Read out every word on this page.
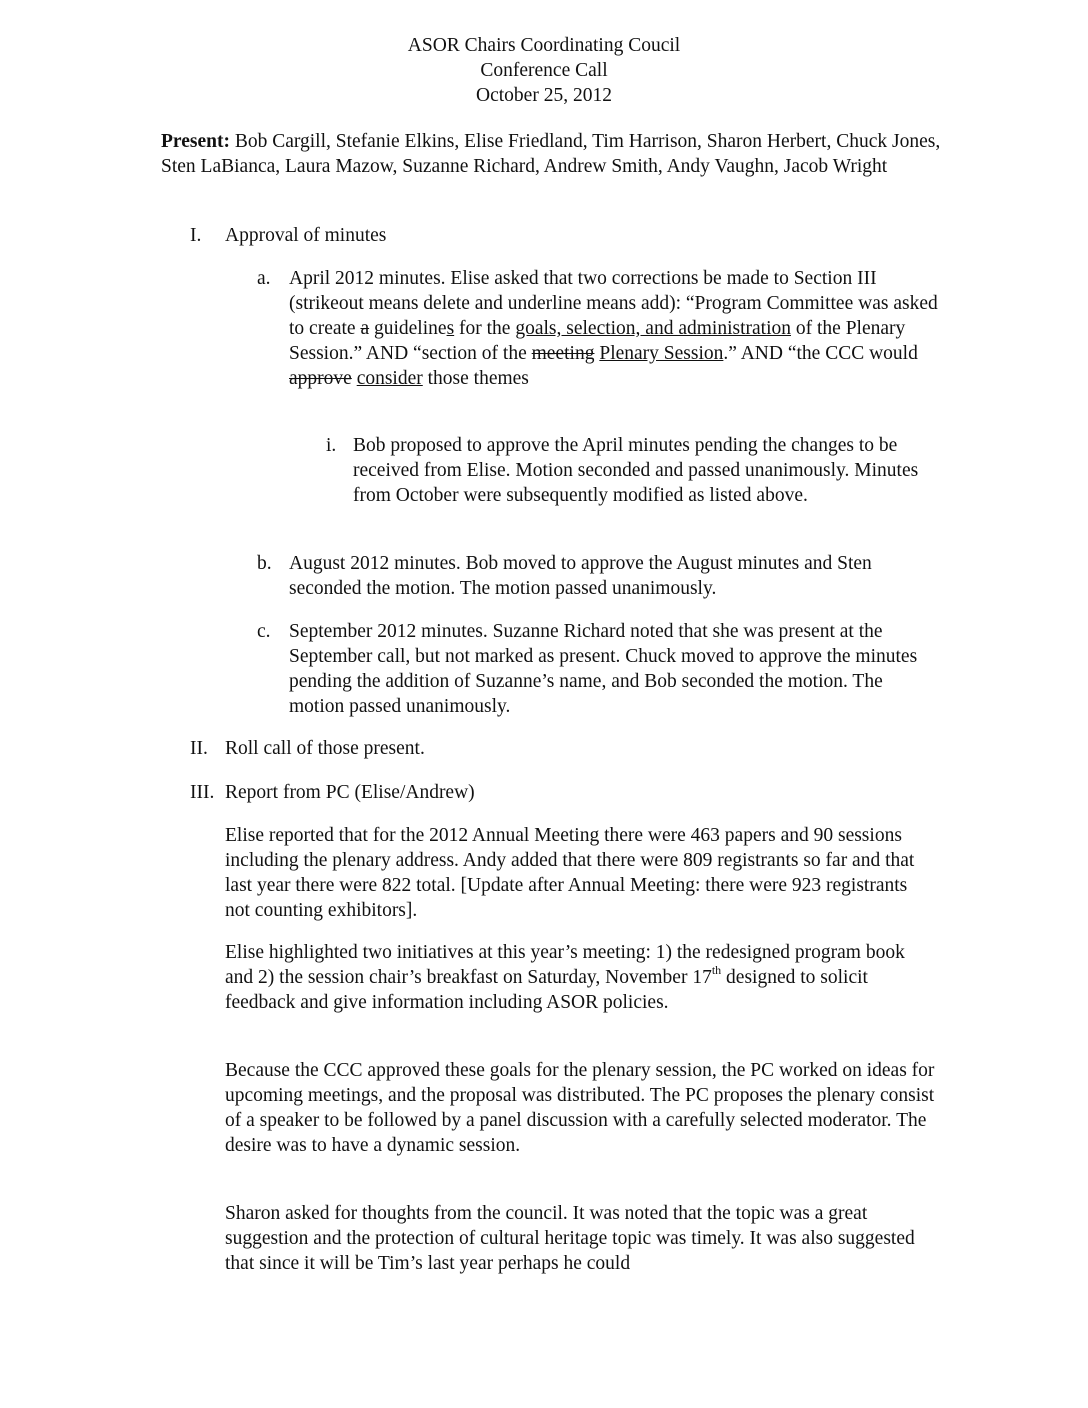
ASOR Chairs Coordinating Coucil
Conference Call
October 25, 2012
Present: Bob Cargill, Stefanie Elkins, Elise Friedland, Tim Harrison, Sharon Herbert, Chuck Jones, Sten LaBianca, Laura Mazow, Suzanne Richard, Andrew Smith, Andy Vaughn, Jacob Wright
I. Approval of minutes
a. April 2012 minutes. Elise asked that two corrections be made to Section III (strikeout means delete and underline means add): “Program Committee was asked to create a guidelines for the goals, selection, and administration of the Plenary Session.” AND “section of the meeting Plenary Session.” AND “the CCC would approve consider those themes
i. Bob proposed to approve the April minutes pending the changes to be received from Elise. Motion seconded and passed unanimously. Minutes from October were subsequently modified as listed above.
b. August 2012 minutes. Bob moved to approve the August minutes and Sten seconded the motion. The motion passed unanimously.
c. September 2012 minutes. Suzanne Richard noted that she was present at the September call, but not marked as present. Chuck moved to approve the minutes pending the addition of Suzanne’s name, and Bob seconded the motion. The motion passed unanimously.
II. Roll call of those present.
III. Report from PC (Elise/Andrew)
Elise reported that for the 2012 Annual Meeting there were 463 papers and 90 sessions including the plenary address. Andy added that there were 809 registrants so far and that last year there were 822 total. [Update after Annual Meeting: there were 923 registrants not counting exhibitors].
Elise highlighted two initiatives at this year’s meeting: 1) the redesigned program book and 2) the session chair’s breakfast on Saturday, November 17th designed to solicit feedback and give information including ASOR policies.
Because the CCC approved these goals for the plenary session, the PC worked on ideas for upcoming meetings, and the proposal was distributed. The PC proposes the plenary consist of a speaker to be followed by a panel discussion with a carefully selected moderator. The desire was to have a dynamic session.
Sharon asked for thoughts from the council. It was noted that the topic was a great suggestion and the protection of cultural heritage topic was timely. It was also suggested that since it will be Tim’s last year perhaps he could
